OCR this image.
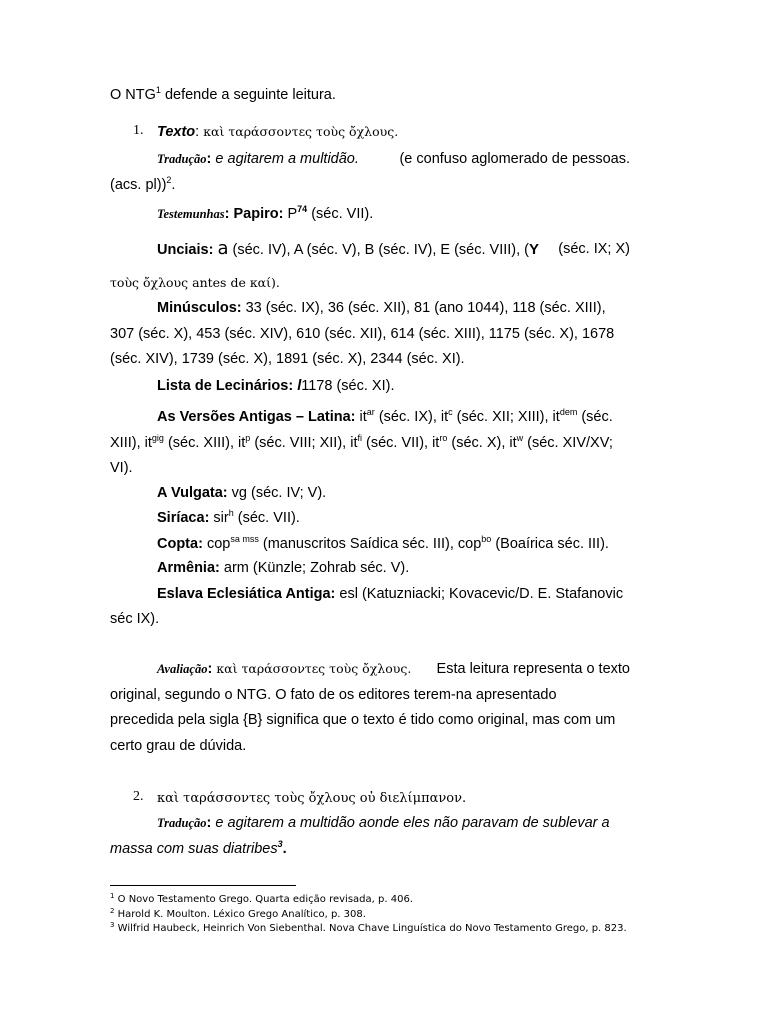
O NTG$^1$ defende a seguinte leitura.
1. Texto: καὶ ταράσσοντες τοὺς ὄχλους.
Tradução: e agitarem a multidão.	(e confuso aglomerado de pessoas.
(acs. pl))$^2$.
Testemunhas: Papiro: $P^{74}$ (séc. VII).
Unciais: a (séc. IV), A (séc. V), B (séc. IV), E (séc. VIII), (Y (séc. IX; X)
τοὺς ὄχλους antes de καί).
Minúsculos: 33 (séc. IX), 36 (séc. XII), 81 (ano 1044), 118 (séc. XIII),
307 (séc. X), 453 (séc. XIV), 610 (séc. XII), 614 (séc. XIII), 1175 (séc. X), 1678
(séc. XIV), 1739 (séc. X), 1891 (séc. X), 2344 (séc. XI).
Lista de Lecinários: l1178 (séc. XI).
As Versões Antigas – Latina: $it^{ar}$ (séc. IX), $it^c$ (séc. XII; XIII), $it^{dem}$ (séc.
XIII), $it^{gig}$ (séc. XIII), $it^p$ (séc. VIII; XII), $it^{fi}$ (séc. VII), $it^{ro}$ (séc. X), $it^w$ (séc. XIV/XV;
VI).
A Vulgata: vg (séc. IV; V).
Siríaca: sir$^h$ (séc. VII).
Copta: cop$^{sa mss}$ (manuscritos Saídica séc. III), cop$^{bo}$ (Boaírica séc. III).
Armênia: arm (Künzle; Zohrab séc. V).
Eslava Eclesiática Antiga: esl (Katuzniacki; Kovacevic/D. E. Stafanovic
séc IX).
Avaliação: καὶ ταράσσοντες τοὺς ὄχλους. Esta leitura representa o texto
original, segundo o NTG. O fato de os editores terem-na apresentado
precedida pela sigla {B} significa que o texto é tido como original, mas com um
certo grau de dúvida.
2. καὶ ταράσσοντες τοὺς ὄχλους οὐ διελίμπανον.
Tradução: e agitarem a multidão aonde eles não paravam de sublevar a
massa com suas diatribes$^3$.
$^1$ O Novo Testamento Grego. Quarta edição revisada, p. 406.
$^2$ Harold K. Moulton. Léxico Grego Analítico, p. 308.
$^3$ Wilfrid Haubeck, Heinrich Von Siebenthal. Nova Chave Linguística do Novo Testamento Grego, p. 823.
